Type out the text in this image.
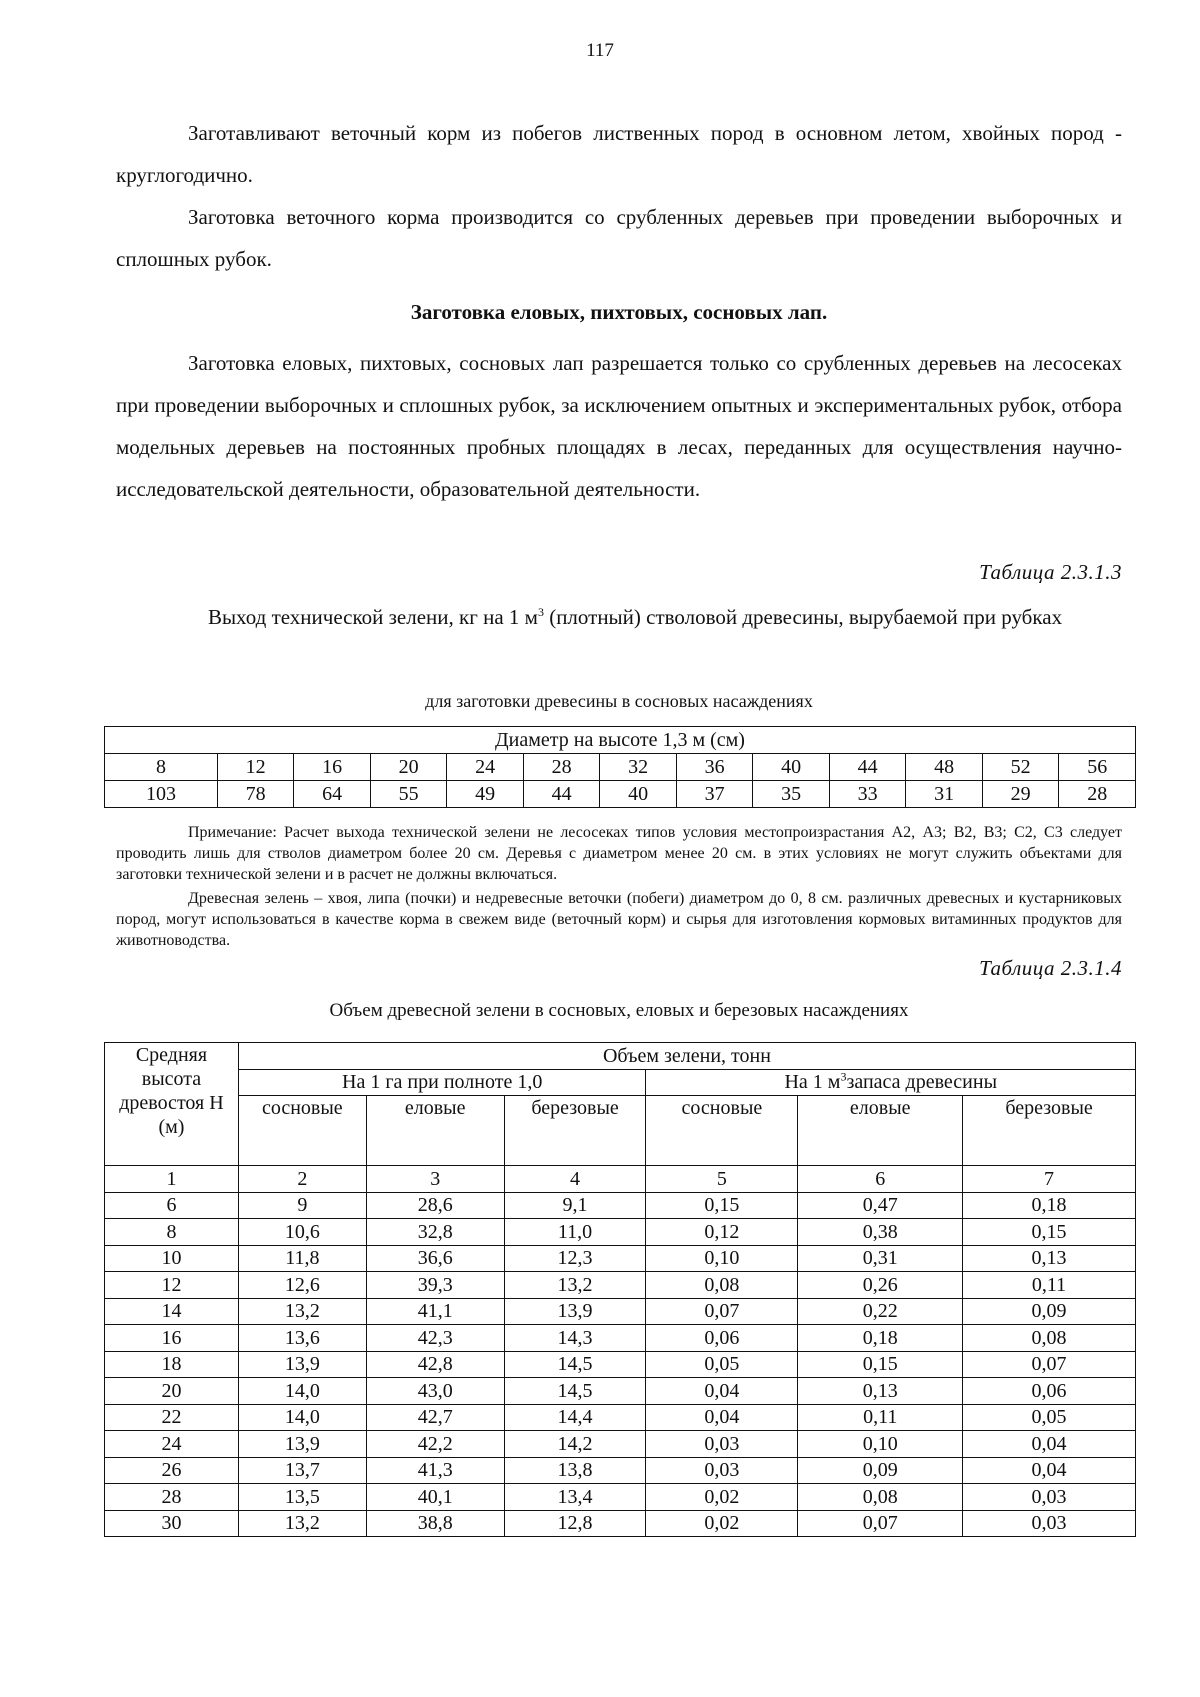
117

Заготавливают веточный корм из побегов лиственных пород в основном летом, хвойных пород - круглогодично.

Заготовка веточного корма производится со срубленных деревьев при проведении выборочных и сплошных рубок.

Заготовка еловых, пихтовых, сосновых лап.

Заготовка еловых, пихтовых, сосновых лап разрешается только со срубленных деревьев на лесосеках при проведении выборочных и сплошных рубок, за исключением опытных и экспериментальных рубок, отбора модельных деревьев на постоянных пробных площадях в лесах, переданных для осуществления научно-исследовательской деятельности, образовательной деятельности.

Таблица 2.3.1.3

Выход технической зелени, кг на 1 $м^3$ (плотный) стволовой древесины, вырубаемой при рубках

для заготовки древесины в сосновых насаждениях

Диаметр на высоте 1,3 м (см)												
8	12	16	20	24	28	32	36	40	44	48	52	56
103	78	64	55	49	44	40	37	35	33	31	29	28

Примечание: Расчет выхода технической зелени не лесосеках типов условия местопроизрастания А2, А3; В2, В3; С2, С3 следует проводить лишь для стволов диаметром более 20 см. Деревья с диаметром менее 20 см. в этих условиях не могут служить объектами для заготовки технической зелени и в расчет не должны включаться.

Древесная зелень – хвоя, липа (почки) и недревесные веточки (побеги) диаметром до 0, 8 см. различных древесных и кустарниковых пород, могут использоваться в качестве корма в свежем виде (веточный корм) и сырья для изготовления кормовых витаминных продуктов для животноводства.

Таблица 2.3.1.4

Объем древесной зелени в сосновых, еловых и березовых насаждениях

Средняя высота древостоя Н (м)	Объем зелени, тонн					
	На 1 га при полноте 1,0			На 1 $м^3запаса$ древесины		
	сосновые	еловые	березовые	сосновые	еловые	березовые
1	2	3	4	5	6	7
6	9	28,6	9,1	0,15	0,47	0,18
8	10,6	32,8	11,0	0,12	0,38	0,15
10	11,8	36,6	12,3	0,10	0,31	0,13
12	12,6	39,3	13,2	0,08	0,26	0,11
14	13,2	41,1	13,9	0,07	0,22	0,09
16	13,6	42,3	14,3	0,06	0,18	0,08
18	13,9	42,8	14,5	0,05	0,15	0,07
20	14,0	43,0	14,5	0,04	0,13	0,06
22	14,0	42,7	14,4	0,04	0,11	0,05
24	13,9	42,2	14,2	0,03	0,10	0,04
26	13,7	41,3	13,8	0,03	0,09	0,04
28	13,5	40,1	13,4	0,02	0,08	0,03
30	13,2	38,8	12,8	0,02	0,07	0,03
